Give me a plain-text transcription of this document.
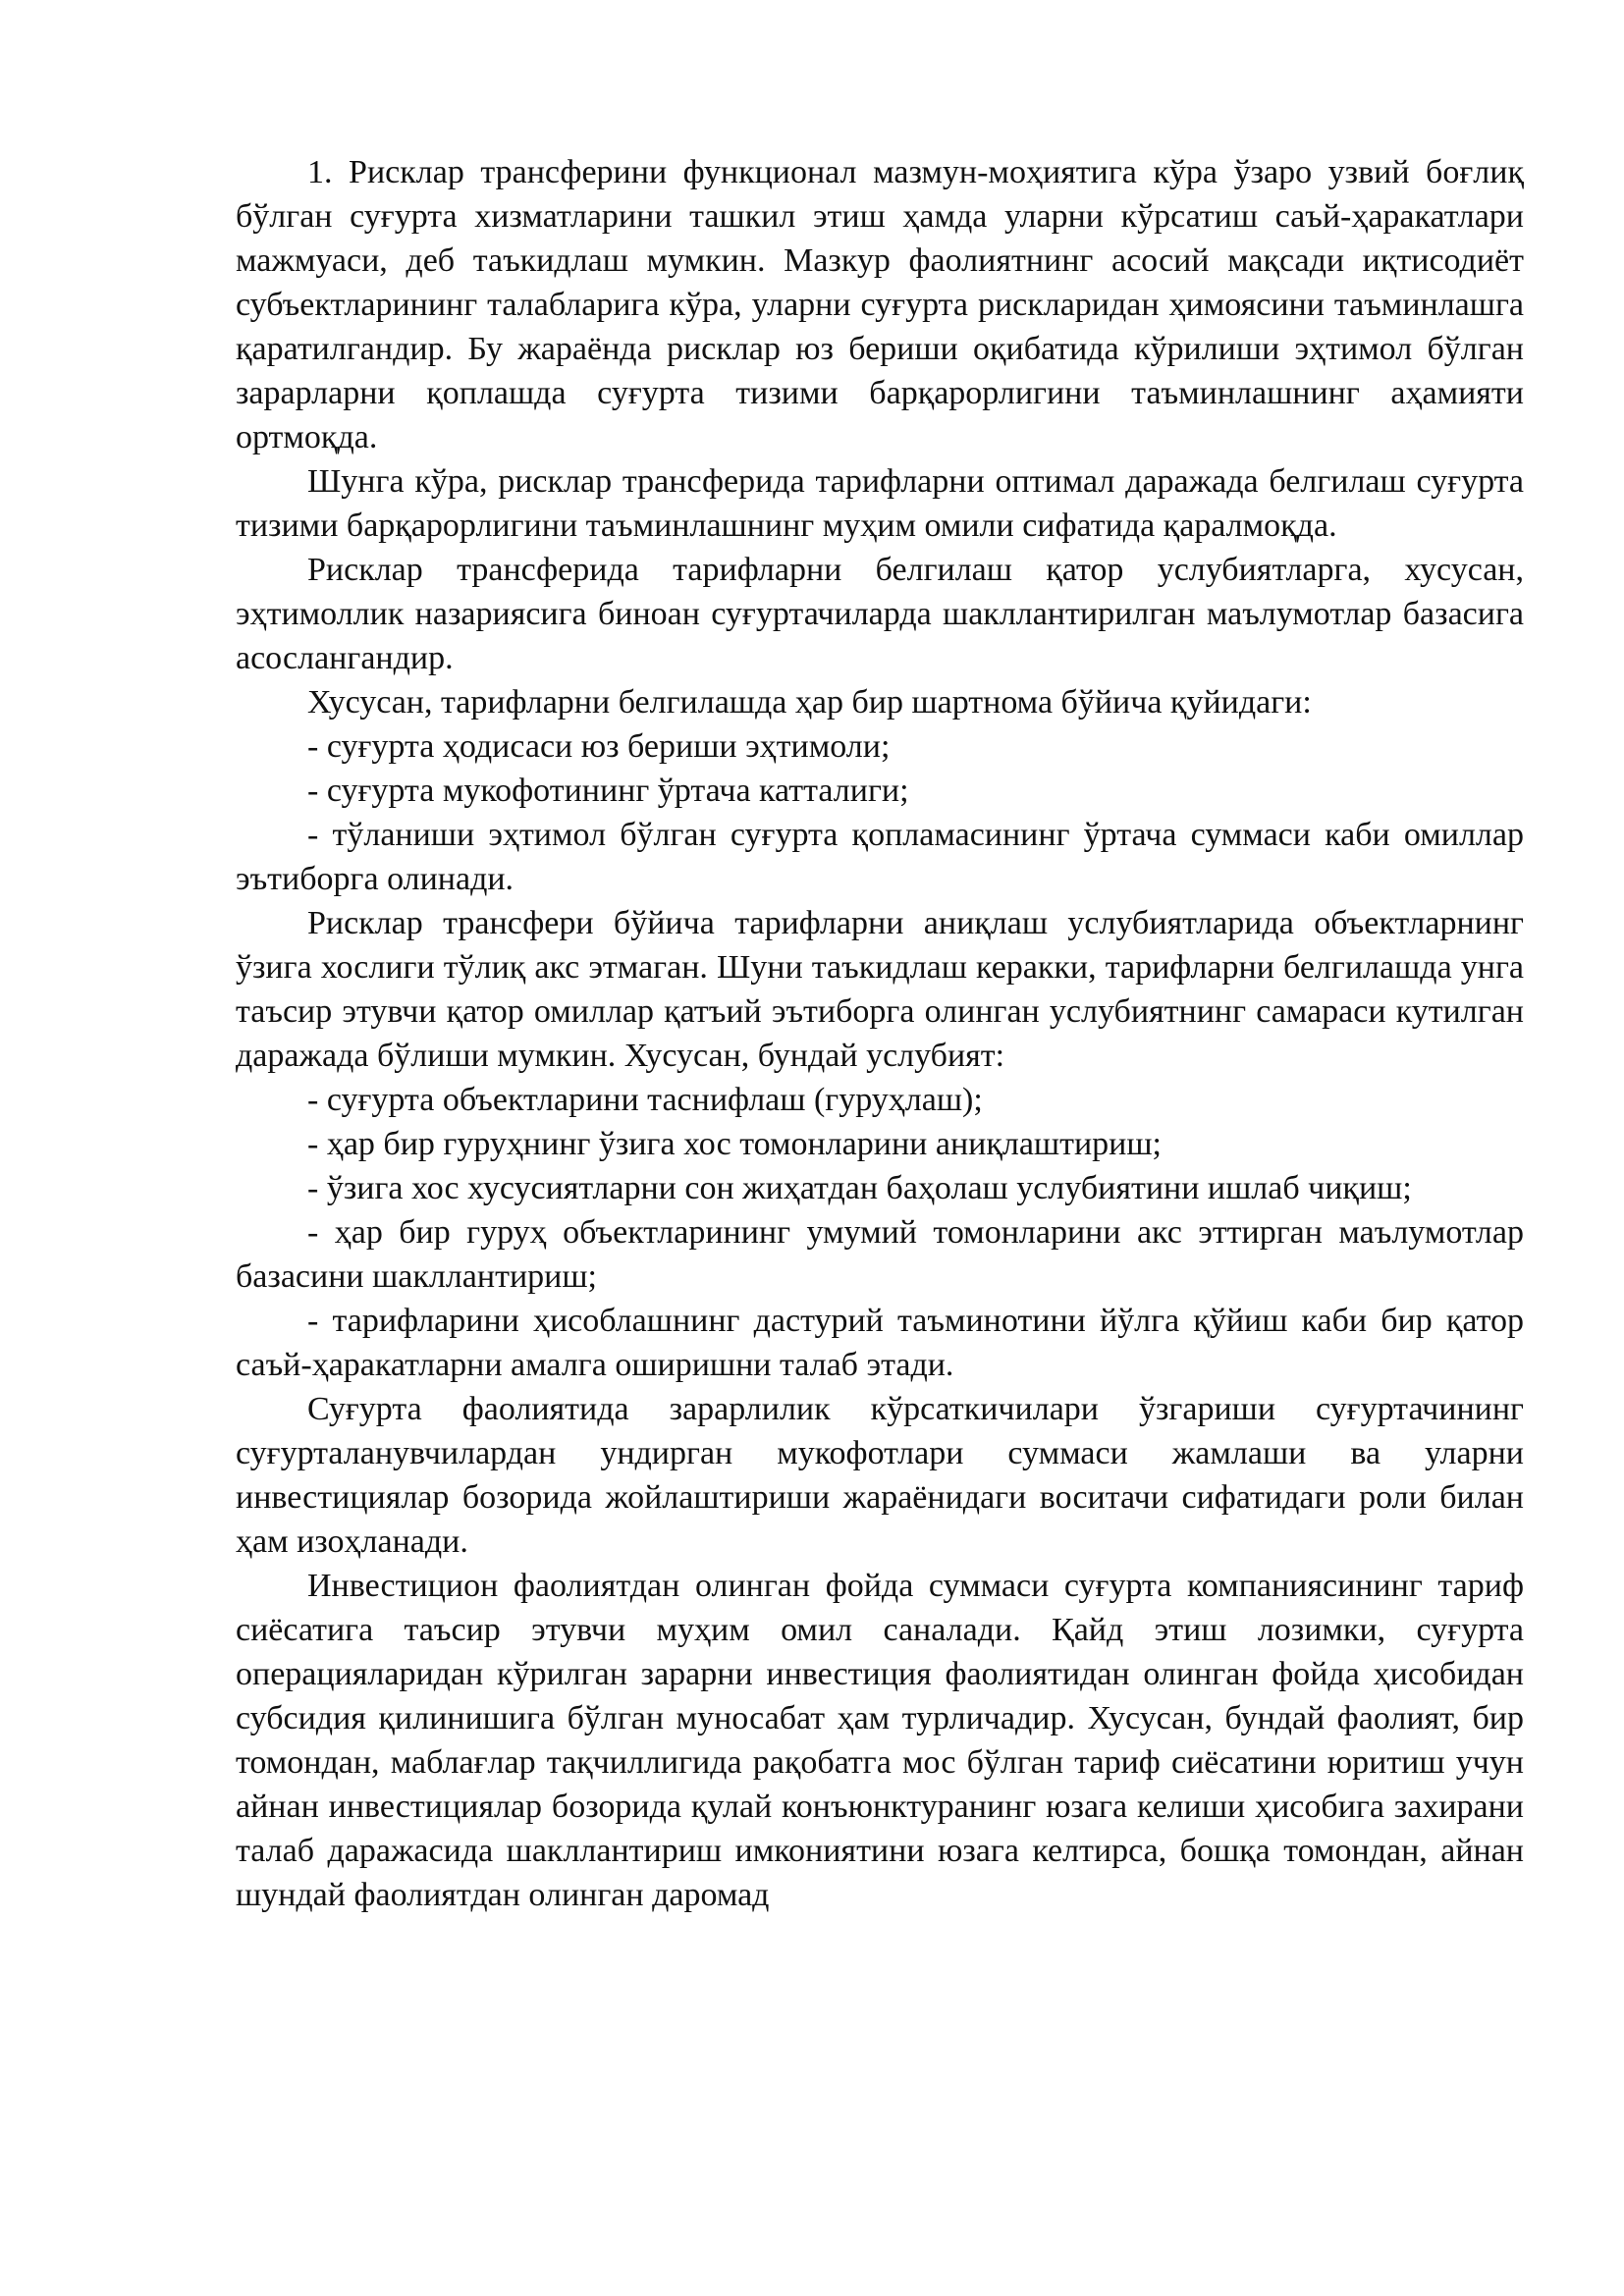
1. Рисклар трансферини функционал мазмун-моҳиятига кўра ўзаро узвий боғлиқ бўлган суғурта хизматларини ташкил этиш ҳамда уларни кўрсатиш саъй-ҳаракатлари мажмуаси, деб таъкидлаш мумкин. Мазкур фаолиятнинг асосий мақсади иқтисодиёт субъектларининг талабларига кўра, уларни суғурта рискларидан ҳимоясини таъминлашга қаратилгандир. Бу жараёнда рисклар юз бериши оқибатида кўрилиши эҳтимол бўлган зарарларни қоплашда суғурта тизими барқарорлигини таъминлашнинг аҳамияти ортмоқда.

Шунга кўра, рисклар трансферида тарифларни оптимал даражада белгилаш суғурта тизими барқарорлигини таъминлашнинг муҳим омили сифатида қаралмоқда.

Рисклар трансферида тарифларни белгилаш қатор услубиятларга, хусусан, эҳтимоллик назариясига биноан суғуртачиларда шакллантирилган маълумотлар базасига асослангандир.

Хусусан, тарифларни белгилашда ҳар бир шартнома бўйича қуйидаги:

- суғурта ҳодисаси юз бериши эҳтимоли;

- суғурта мукофотининг ўртача катталиги;

- тўланиши эҳтимол бўлган суғурта қопламасининг ўртача суммаси каби омиллар эътиборга олинади.

Рисклар трансфери бўйича тарифларни аниқлаш услубиятларида объектларнинг ўзига хослиги тўлиқ акс этмаган. Шуни таъкидлаш керакки, тарифларни белгилашда унга таъсир этувчи қатор омиллар қатъий эътиборга олинган услубиятнинг самараси кутилган даражада бўлиши мумкин. Хусусан, бундай услубият:

- суғурта объектларини таснифлаш (гуруҳлаш);

- ҳар бир гуруҳнинг ўзига хос томонларини аниқлаштириш;

- ўзига хос хусусиятларни сон жиҳатдан баҳолаш услубиятини ишлаб чиқиш;

- ҳар бир гуруҳ объектларининг умумий томонларини акс эттирган маълумотлар базасини шакллантириш;

- тарифларини ҳисоблашнинг дастурий таъминотини йўлга қўйиш каби бир қатор саъй-ҳаракатларни амалга оширишни талаб этади.

Суғурта фаолиятида зарарлилик кўрсаткичилари ўзгариши суғуртачининг суғурталанувчилардан ундирган мукофотлари суммаси жамлаши ва уларни инвестициялар бозорида жойлаштириши жараёнидаги воситачи сифатидаги роли билан ҳам изоҳланади.

Инвестицион фаолиятдан олинган фойда суммаси суғурта компаниясининг тариф сиёсатига таъсир этувчи муҳим омил саналади. Қайд этиш лозимки, суғурта операцияларидан кўрилган зарарни инвестиция фаолиятидан олинган фойда ҳисобидан субсидия қилинишига бўлган муносабат ҳам турличадир. Хусусан, бундай фаолият, бир томондан, маблағлар тақчиллигида рақобатга мос бўлган тариф сиёсатини юритиш учун айнан инвестициялар бозорида қулай конъюнктуранинг юзага келиши ҳисобига захирани талаб даражасида шакллантириш имкониятини юзага келтирса, бошқа томондан, айнан шундай фаолиятдан олинган даромад
